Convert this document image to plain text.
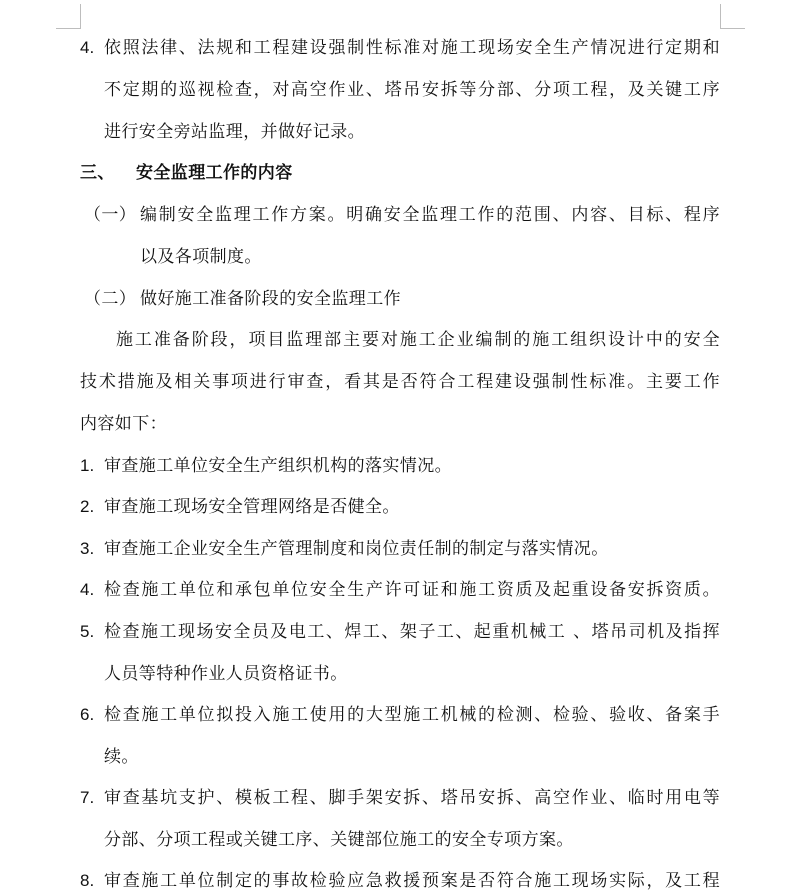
4. 依照法律、法规和工程建设强制性标准对施工现场安全生产情况进行定期和
不定期的巡视检查，对高空作业、塔吊安拆等分部、分项工程，及关键工序
进行安全旁站监理，并做好记录。
三、 安全监理工作的内容
（一） 编制安全监理工作方案。明确安全监理工作的范围、内容、目标、程序
以及各项制度。
（二） 做好施工准备阶段的安全监理工作
施工准备阶段，项目监理部主要对施工企业编制的施工组织设计中的安全
技术措施及相关事项进行审查，看其是否符合工程建设强制性标准。主要工作
内容如下：
1. 审查施工单位安全生产组织机构的落实情况。
2. 审查施工现场安全管理网络是否健全。
3. 审查施工企业安全生产管理制度和岗位责任制的制定与落实情况。
4. 检查施工单位和承包单位安全生产许可证和施工资质及起重设备安拆资质。
5. 检查施工现场安全员及电工、焊工、架子工、起重机械工 、塔吊司机及指挥
人员等特种作业人员资格证书。
6. 检查施工单位拟投入施工使用的大型施工机械的检测、检验、验收、备案手
续。
7. 审查基坑支护、模板工程、脚手架安拆、塔吊安拆、高空作业、临时用电等
分部、分项工程或关键工序、关键部位施工的安全专项方案。
8. 审查施工单位制定的事故检验应急救援预案是否符合施工现场实际，及工程
